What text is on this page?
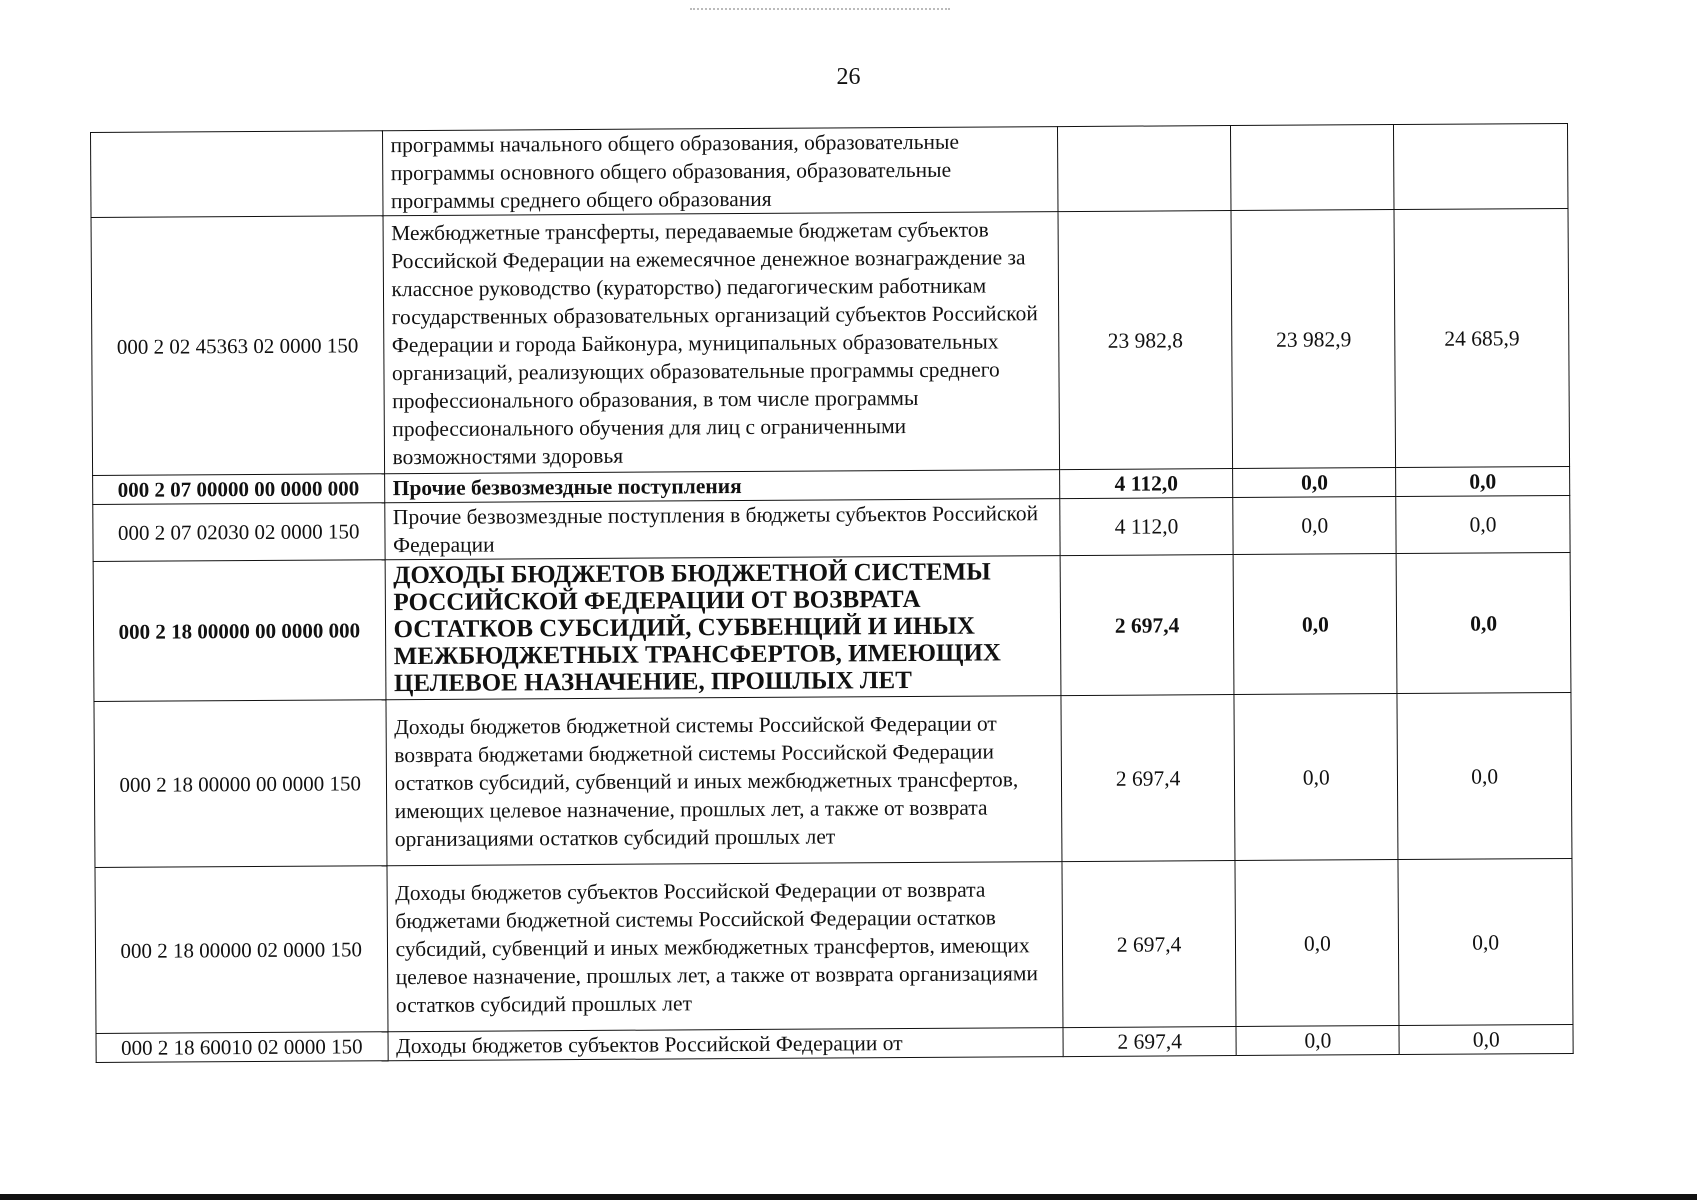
26
	программы начального общего образования, образовательные программы основного общего образования, образовательные программы среднего общего образования			
000 2 02 45363 02 0000 150	Межбюджетные трансферты, передаваемые бюджетам субъектов Российской Федерации на ежемесячное денежное вознаграждение за классное руководство (кураторство) педагогическим работникам государственных образовательных организаций субъектов Российской Федерации и города Байконура, муниципальных образовательных организаций, реализующих образовательные программы среднего профессионального образования, в том числе программы профессионального обучения для лиц с ограниченными возможностями здоровья	23 982,8	23 982,9	24 685,9
000 2 07 00000 00 0000 000	Прочие безвозмездные поступления	4 112,0	0,0	0,0
000 2 07 02030 02 0000 150	Прочие безвозмездные поступления в бюджеты субъектов Российской Федерации	4 112,0	0,0	0,0
000 2 18 00000 00 0000 000	ДОХОДЫ БЮДЖЕТОВ БЮДЖЕТНОЙ СИСТЕМЫ РОССИЙСКОЙ ФЕДЕРАЦИИ ОТ ВОЗВРАТА ОСТАТКОВ СУБСИДИЙ, СУБВЕНЦИЙ И ИНЫХ МЕЖБЮДЖЕТНЫХ ТРАНСФЕРТОВ, ИМЕЮЩИХ ЦЕЛЕВОЕ НАЗНАЧЕНИЕ, ПРОШЛЫХ ЛЕТ	2 697,4	0,0	0,0
000 2 18 00000 00 0000 150	Доходы бюджетов бюджетной системы Российской Федерации от возврата бюджетами бюджетной системы Российской Федерации остатков субсидий, субвенций и иных межбюджетных трансфертов, имеющих целевое назначение, прошлых лет, а также от возврата организациями остатков субсидий прошлых лет	2 697,4	0,0	0,0
000 2 18 00000 02 0000 150	Доходы бюджетов субъектов Российской Федерации от возврата бюджетами бюджетной системы Российской Федерации остатков субсидий, субвенций и иных межбюджетных трансфертов, имеющих целевое назначение, прошлых лет, а также от возврата организациями остатков субсидий прошлых лет	2 697,4	0,0	0,0
000 2 18 60010 02 0000 150	Доходы бюджетов субъектов Российской Федерации от	2 697,4	0,0	0,0
